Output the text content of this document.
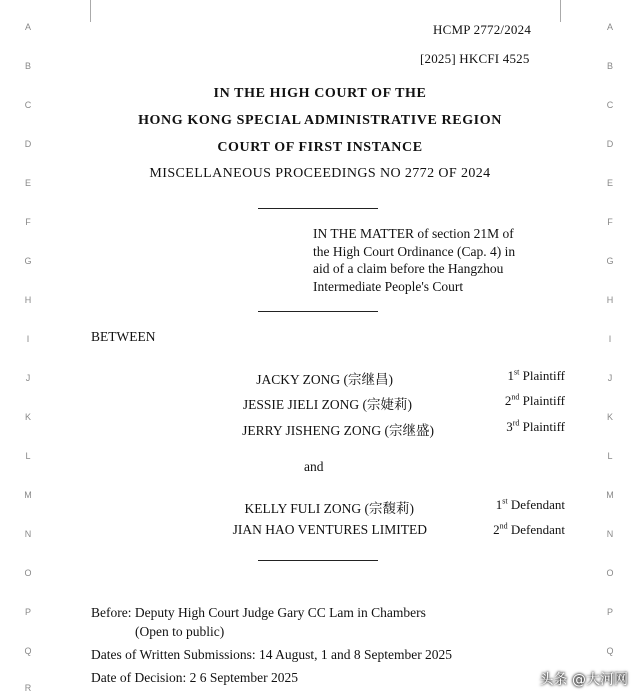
A
B
C
D
E
F
G
H
I
J
K
L
M
N
O
P
Q
R
A
B
C
D
E
F
G
H
I
J
K
L
M
N
O
P
Q
HCMP 2772/2024
[2025] HKCFI 4525
IN THE HIGH COURT OF THE
HONG KONG SPECIAL ADMINISTRATIVE REGION
COURT OF FIRST INSTANCE
MISCELLANEOUS PROCEEDINGS NO 2772 OF 2024
IN THE MATTER of section 21M of
the High Court Ordinance (Cap. 4) in
aid of a claim before the Hangzhou
Intermediate People's Court
BETWEEN
JACKY ZONG (宗继昌)	1st Plaintiff
JESSIE JIELI ZONG (宗婕莉)	2nd Plaintiff
JERRY JISHENG ZONG (宗继盛)	3rd Plaintiff
and
KELLY FULI ZONG (宗馥莉)	1st Defendant
JIAN HAO VENTURES LIMITED	2nd Defendant
Before: Deputy High Court Judge Gary CC Lam in Chambers
(Open to public)
Dates of Written Submissions: 14 August, 1 and 8 September 2025
Date of Decision: 2 6 September 2025	头条 @大河网
